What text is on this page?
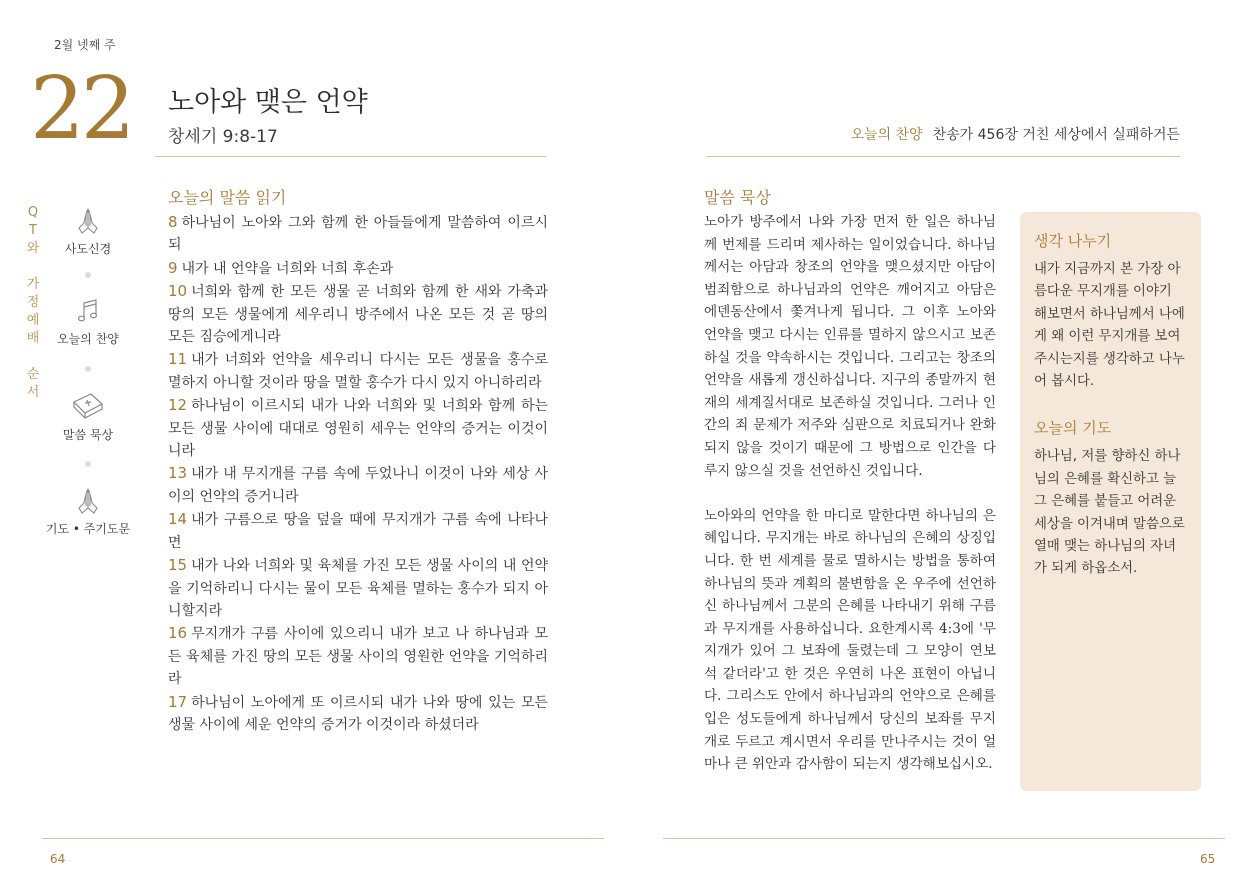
2월 넷째 주
22 노아와 맺은 언약
창세기 9:8-17	오늘의 찬양 찬송가 456장 거친 세상에서 실패하거든
Q
T
와
가
정
예
배
순
서
사도신경
오늘의 찬양
말씀 묵상
기도 • 주기도문
오늘의 말씀 읽기

8 하나님이 노아와 그와 함께 한 아들들에게 말씀하여 이르시되

9 내가 내 언약을 너희와 너희 후손과

10 너희와 함께 한 모든 생물 곧 너희와 함께 한 새와 가축과 땅의 모든 생물에게 세우리니 방주에서 나온 모든 것 곧 땅의 모든 짐승에게니라

11 내가 너희와 언약을 세우리니 다시는 모든 생물을 홍수로 멸하지 아니할 것이라 땅을 멸할 홍수가 다시 있지 아니하리라

12 하나님이 이르시되 내가 나와 너희와 및 너희와 함께 하는 모든 생물 사이에 대대로 영원히 세우는 언약의 증거는 이것이니라

13 내가 내 무지개를 구름 속에 두었나니 이것이 나와 세상 사이의 언약의 증거니라

14 내가 구름으로 땅을 덮을 때에 무지개가 구름 속에 나타나면

15 내가 나와 너희와 및 육체를 가진 모든 생물 사이의 내 언약을 기억하리니 다시는 물이 모든 육체를 멸하는 홍수가 되지 아니할지라

16 무지개가 구름 사이에 있으리니 내가 보고 나 하나님과 모든 육체를 가진 땅의 모든 생물 사이의 영원한 언약을 기억하리라

17 하나님이 노아에게 또 이르시되 내가 나와 땅에 있는 모든 생물 사이에 세운 언약의 증거가 이것이라 하셨더라

말씀 묵상

노아가 방주에서 나와 가장 먼저 한 일은 하나님께 번제를 드리며 제사하는 일이었습니다. 하나님께서는 아담과 창조의 언약을 맺으셨지만 아담이 범죄함으로 하나님과의 언약은 깨어지고 아담은 에덴동산에서 쫓겨나게 됩니다. 그 이후 노아와 언약을 맺고 다시는 인류를 멸하지 않으시고 보존하실 것을 약속하시는 것입니다. 그리고는 창조의 언약을 새롭게 갱신하십니다. 지구의 종말까지 현재의 세계질서대로 보존하실 것입니다. 그러나 인간의 죄 문제가 저주와 심판으로 치료되거나 완화되지 않을 것이기 때문에 그 방법으로 인간을 다루지 않으실 것을 선언하신 것입니다.

노아와의 언약을 한 마디로 말한다면 하나님의 은혜입니다. 무지개는 바로 하나님의 은혜의 상징입니다. 한 번 세계를 물로 멸하시는 방법을 통하여 하나님의 뜻과 계획의 불변함을 온 우주에 선언하신 하나님께서 그분의 은혜를 나타내기 위해 구름과 무지개를 사용하십니다. 요한계시록 4:3에 '무지개가 있어 그 보좌에 둘렸는데 그 모양이 연보석 같더라'고 한 것은 우연히 나온 표현이 아닙니다. 그리스도 안에서 하나님과의 언약으로 은혜를 입은 성도들에게 하나님께서 당신의 보좌를 무지개로 두르고 계시면서 우리를 만나주시는 것이 얼마나 큰 위안과 감사함이 되는지 생각해보십시오.

생각 나누기

내가 지금까지 본 가장 아름다운 무지개를 이야기 해보면서 하나님께서 나에게 왜 이런 무지개를 보여주시는지를 생각하고 나누어 봅시다.

오늘의 기도

하나님, 저를 향하신 하나님의 은혜를 확신하고 늘 그 은혜를 붙들고 어려운 세상을 이겨내며 말씀으로 열매 맺는 하나님의 자녀가 되게 하옵소서.

64	65
